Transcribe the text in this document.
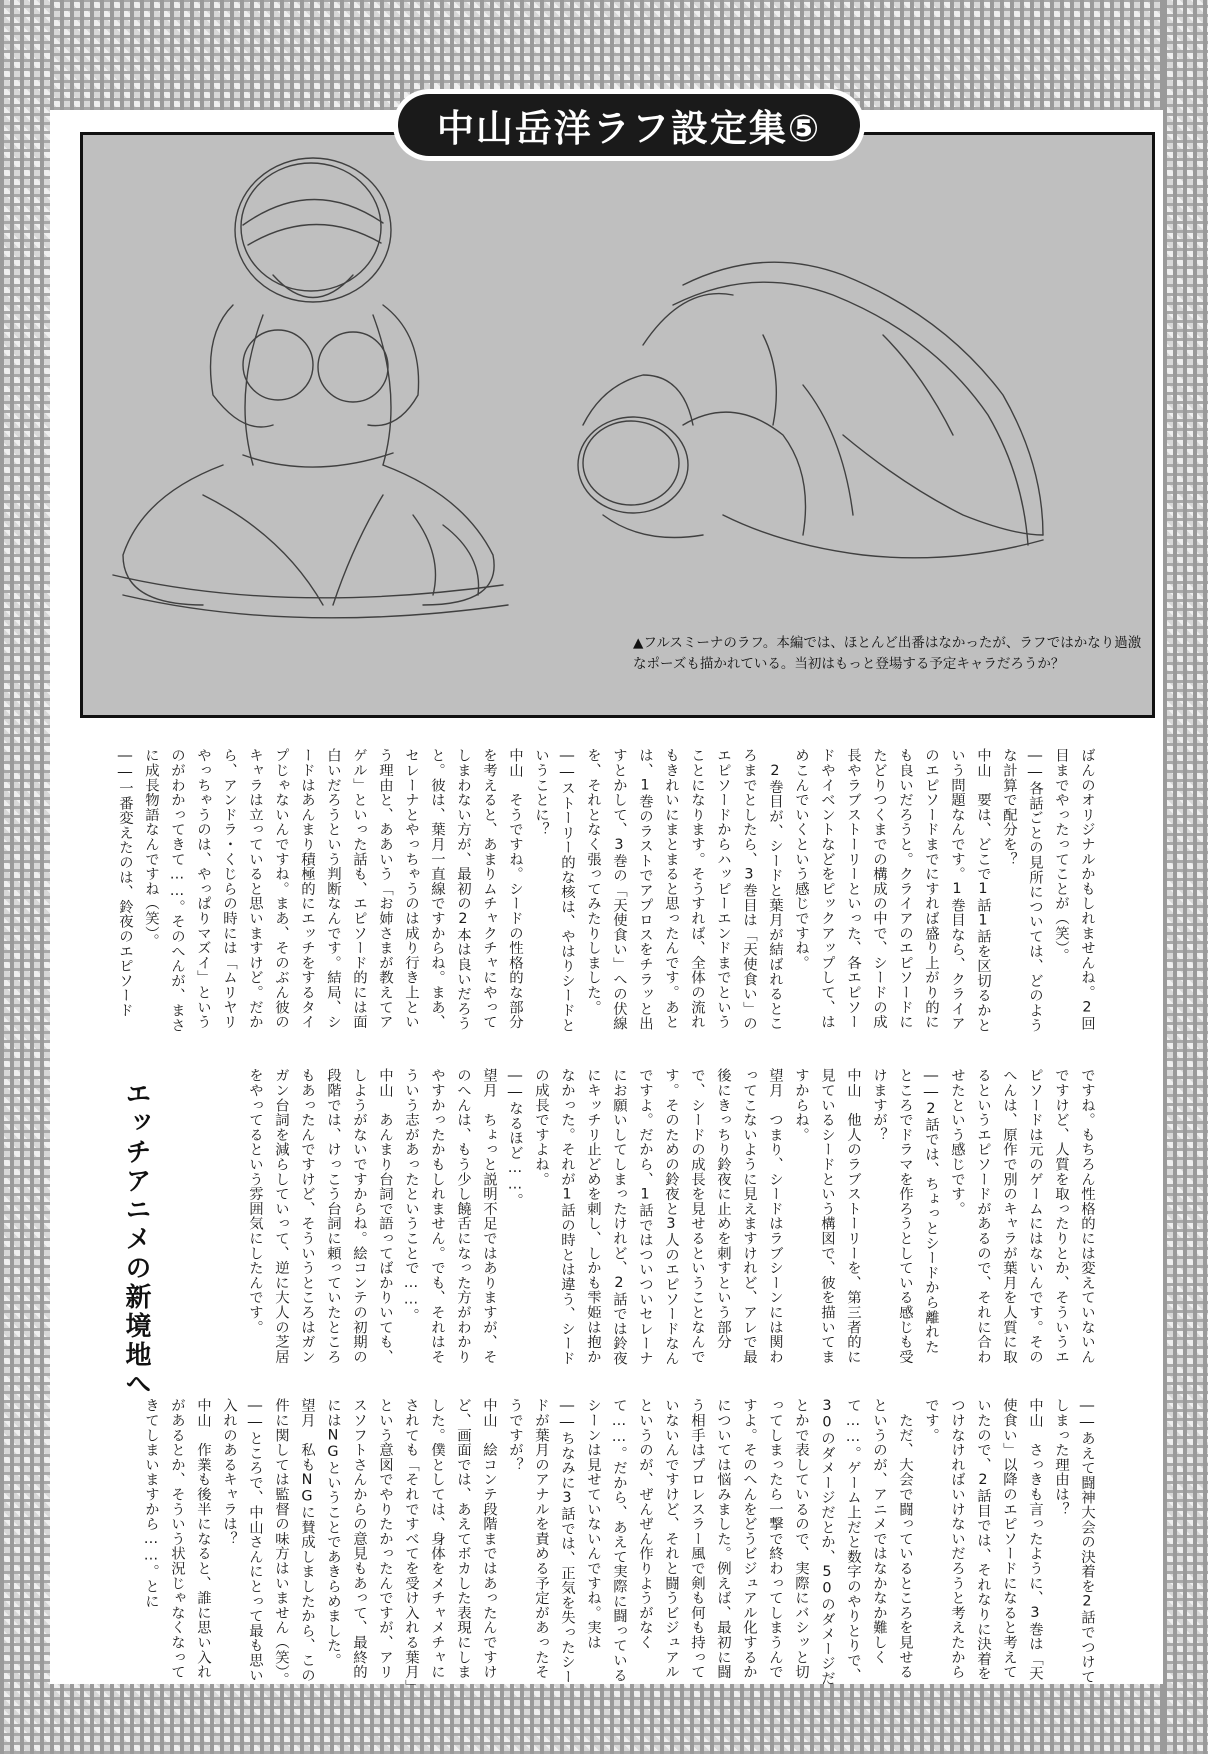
中山岳洋ラフ設定集⑤
▲フルスミーナのラフ。本編では、ほとんど出番はなかったが、ラフではかなり過激なポーズも描かれている。当初はもっと登場する予定キャラだろうか？

ばんのオリジナルかもしれませんね。2回目までやったってことが（笑）。

――各話ごとの見所については、どのような計算で配分を？

中山　要は、どこで1話1話を区切るかという問題なんです。1巻目なら、クライアのエピソードまでにすれば盛り上がり的にも良いだろうと。クライアのエピソードにたどりつくまでの構成の中で、シードの成長やラブストーリーといった、各エピソードやイベントなどをピックアップして、はめこんでいくという感じですね。

　2巻目が、シードと葉月が結ばれるところまでとしたら、3巻目は「天使食い」のエピソードからハッピーエンドまでということになります。そうすれば、全体の流れもきれいにまとまると思ったんです。あとは、1巻のラストでアプロスをチラッと出すとかして、3巻の「天使食い」への伏線を、それとなく張ってみたりしました。

――ストーリー的な核は、やはりシードということに？

中山　そうですね。シードの性格的な部分を考えると、あまりムチャクチャにやってしまわない方が、最初の2本は良いだろうと。彼は、葉月一直線ですからね。まあ、セレーナとやっちゃうのは成り行き上という理由と、ああいう「お姉さまが教えてアゲル」といった話も、エピソード的には面白いだろうという判断なんです。結局、シードはあんまり積極的にエッチをするタイプじゃないんですね。まあ、そのぶん彼のキャラは立っていると思いますけど。だから、アンドラ・くじらの時には「ムリヤリやっちゃうのは、やっぱりマズイ」というのがわかってきて……。そのへんが、まさに成長物語なんですね（笑）。

――一番変えたのは、鈴夜のエピソード

エッチアニメの新境地へ	ですね。もちろん性格的には変えていないんですけど、人質を取ったりとか、そういうエピソードは元のゲームにはないんです。そのへんは、原作で別のキャラが葉月を人質に取るというエピソードがあるので、それに合わせたという感じです。

――2話では、ちょっとシードから離れたところでドラマを作ろうとしている感じも受けますが？

中山　他人のラブストーリーを、第三者的に見ているシードという構図で、彼を描いてますからね。

望月　つまり、シードはラブシーンには関わってこないように見えますけれど、アレで最後にきっちり鈴夜に止めを刺すという部分で、シードの成長を見せるということなんです。そのための鈴夜と3人のエピソードなんですよ。だから、1話ではついついセレーナにお願いしてしまったけれど、2話では鈴夜にキッチリ止どめを刺し、しかも雫姫は抱かなかった。それが1話の時とは違う、シードの成長ですよね。

――なるほど……。

望月　ちょっと説明不足ではありますが、そのへんは、もう少し饒舌になった方がわかりやすかったかもしれません。でも、それはそういう志があったということで……。

中山　あんまり台詞で語ってばかりいても、しようがないですからね。絵コンテの初期の段階では、けっこう台詞に頼っていたところもあったんですけど、そういうところはガンガン台詞を減らしていって、逆に大人の芝居をやってるという雰囲気にしたんです。

――あえて闘神大会の決着を2話でつけてしまった理由は？

中山　さっきも言ったように、3巻は「天使食い」以降のエピソードになると考えていたので、2話目では、それなりに決着をつけなければいけないだろうと考えたからです。

　ただ、大会で闘っているところを見せるというのが、アニメではなかなか難しくて……。ゲーム上だと数字のやりとりで、30のダメージだとか、50のダメージだとかで表しているので、実際にバシッと切ってしまったら一撃で終わってしまうんですよ。そのへんをどうビジュアル化するかについては悩みました。例えば、最初に闘う相手はプロレスラー風で剣も何も持っていないんですけど、それと闘うビジュアルというのが、ぜんぜん作りようがなくて……。だから、あえて実際に闘っているシーンは見せていないんですね。実は

――ちなみに3話では、正気を失ったシードが葉月のアナルを責める予定があったそうですが？

中山　絵コンテ段階まではあったんですけど、画面では、あえてボカした表現にしました。僕としては、身体をメチャメチャにされても「それですべてを受け入れる葉月」という意図でやりたかったんですが、アリスソフトさんからの意見もあって、最終的にはNGということであきらめました。

望月　私もNGに賛成しましたから、この件に関しては監督の味方はいません（笑）。

――ところで、中山さんにとって最も思い入れのあるキャラは？

中山　作業も後半になると、誰に思い入れがあるとか、そういう状況じゃなくなってきてしまいますから……。とに
